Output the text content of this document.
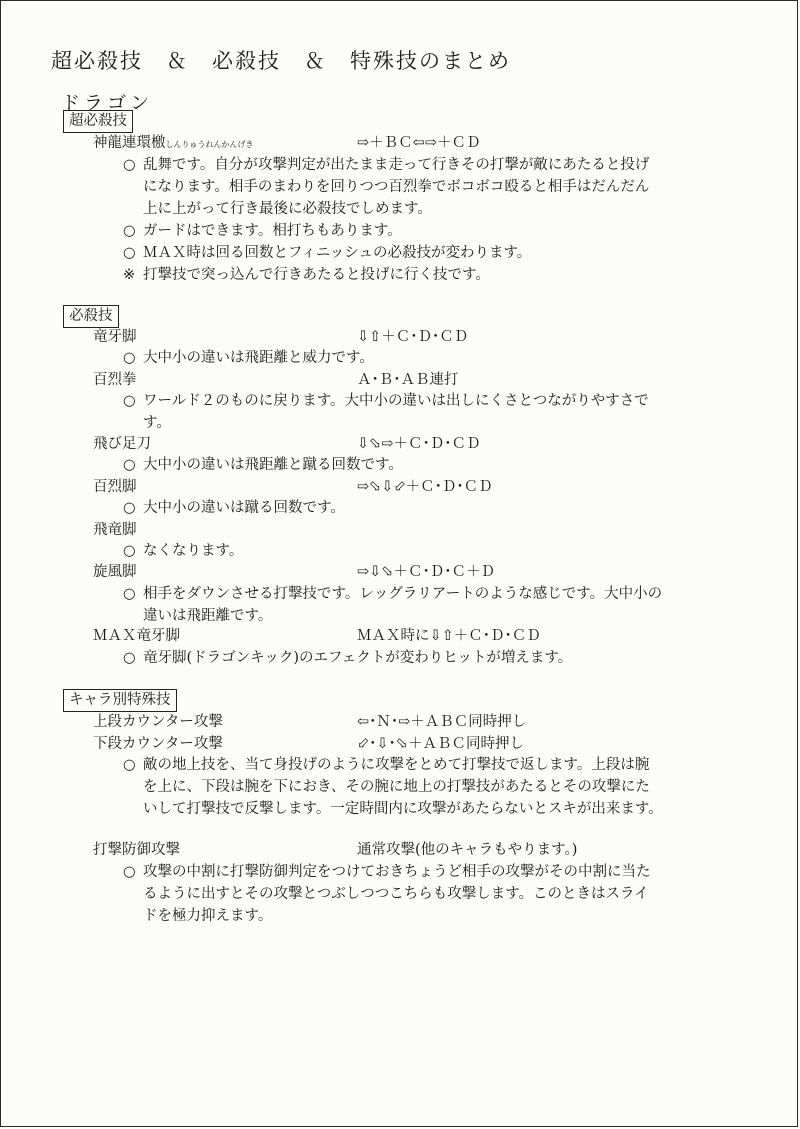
超必殺技　＆　必殺技　＆　特殊技のまとめ
ドラゴン
超必殺技
神龍連環檄しんりゅうれんかんげき	⇨＋ＢＣ⇦⇨＋ＣＤ
○ 乱舞です。自分が攻撃判定が出たまま走って行きその打撃が敵にあたると投げになります。相手のまわりを回りつつ百烈拳でボコボコ殴ると相手はだんだん上に上がって行き最後に必殺技でしめます。
○ ガードはできます。相打ちもあります。
○ ＭＡＸ時は回る回数とフィニッシュの必殺技が変わります。
※ 打撃技で突っ込んで行きあたると投げに行く技です。
必殺技
竜牙脚	⇩⇧＋Ｃ･Ｄ･ＣＤ
○ 大中小の違いは飛距離と威力です。
百烈拳	Ａ･Ｂ･ＡＢ連打
○ ワールド２のものに戻ります。大中小の違いは出しにくさとつながりやすさです。
飛び足刀	⇩⬂⇨＋Ｃ･Ｄ･ＣＤ
○ 大中小の違いは飛距離と蹴る回数です。
百烈脚	⇨⬂⇩⬃＋Ｃ･Ｄ･ＣＤ
○ 大中小の違いは蹴る回数です。
飛竜脚
○ なくなります。
旋風脚	⇨⇩⬂＋Ｃ･Ｄ･Ｃ＋Ｄ
○ 相手をダウンさせる打撃技です。レッグラリアートのような感じです。大中小の違いは飛距離です。
ＭＡＸ竜牙脚	ＭＡＸ時に⇩⇧＋Ｃ･Ｄ･ＣＤ
○ 竜牙脚(ドラゴンキック)のエフェクトが変わりヒットが増えます。
キャラ別特殊技
上段カウンター攻撃	⇦･Ｎ･⇨＋ＡＢＣ同時押し
下段カウンター攻撃	⬃･⇩･⬂＋ＡＢＣ同時押し
○ 敵の地上技を、当て身投げのように攻撃をとめて打撃技で返します。上段は腕を上に、下段は腕を下におき、その腕に地上の打撃技があたるとその攻撃にたいして打撃技で反撃します。一定時間内に攻撃があたらないとスキが出来ます。
打撃防御攻撃	通常攻撃(他のキャラもやります。)
○ 攻撃の中割に打撃防御判定をつけておきちょうど相手の攻撃がその中割に当たるように出すとその攻撃とつぶしつつこちらも攻撃します。このときはスライドを極力抑えます。
